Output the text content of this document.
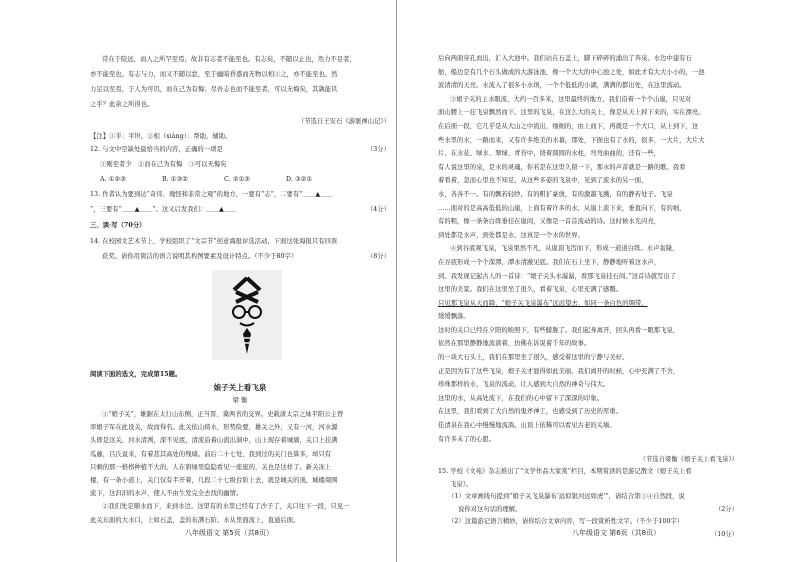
常在于险远，而人之所罕至焉，故非有志者不能至也。有志矣，不随以止也，然力不足者，
亦不能至也。有志与力，而又不随以怠，至于幽暗昏惑而无物以相①之，亦不能至也。然
力足以至焉，于人为可讥，而在己为有悔；尽吾志也而不能至者，可以无悔矣，其孰能讥
之乎？此余之所得也。
（节选自王安石《游褒禅山记》）
【注】①乎：平坦。②相（xiàng）：帮助，辅助。
12. 与文中空缺处最恰当的内容，正确的一项是	（3分）
①刚至者少 ②而在己为有悔 ③可以无悔矣
A. ①②③	B. ①③②	C. ②①③	D. ③②①
13. 作者认为要到达“奇伟、瑰怪和非常之观”的地方，一要有“志”，二要有“＿＿▲＿＿
”，三要有“＿＿▲＿＿”。这又启发我们：＿＿▲＿＿	（4分）
三、读·写（70分）
14. 在校园文艺术节上，学校组织了“文宗节”创意海报评选活动，下面这张海报只有四票
获奖。请你用简洁的语言说明其构图要素及设计特点。（不少于80字）	（8分）
阅读下面的选文，完成第15题。
娘子关上看飞泉
梁 衡
①“娘子关”，雄踞在太行山东侧，正当晋、冀两省的交界。史载唐太宗之妹平阳公主曾
率娘子军在此设关，故而得名。此关依山傍水，形势险要，雄关之外，又有一河，河水源
头即是这关，河水清冽，深不见底，清流沿着山流出洞中，山上现存着城墙，关口上挂满
瓜藤，吕氏说来，有着甚其高处的残墙。前后二十七处，我到过的关门也算多，却只有
只剩的那一格格种植不大的，人在碧绿里隐隐看见一座座的，关也是这样了。新关冻上
楼，有一条小道上，关门仅有半开着，几段二十七级台阶上去，就是城关的顶，城楼周围
流下，这汩汩的水声，使人不由生发完全去找的幽情。
②我们先是顺水而下，来到水边。这里有的水里已经有了沙子了，关口往下一段，只见一
此关东面的大水口，上如石盖，盖的布满石阶。水从里面流上，直通后面。
八年级语文 第5页（共8页）
后向两面穿孔而出，汇入大池中。我们站在石盖上，脚下碎碎的涌出了奔泉。水边中建有石
舫，船边是有几个石头做成的大游泳池，像一个大大的中心池之处，如此才有大大小小的，一池
波清清的天亮。水流入了很多小水坝，一个个低低的小湖，满满的都出处，在这里流动。
③娘子关的主水眼流，大约一百多米，这里最终的地方，我们沿着一个个山崖，只见对
面山腰上一挂飞泉飘然而下。这里的飞泉，在这么大的关上，像是从天上掉下来的，实在漂亮。
在后面一段，它几乎是从大山之中流出，细细的，由上而下，再就是一个大口，从上到下，这
些水里的水，一路而来，又有许多绝美的水幕，那处，下面也有了水的，很多，一大片，大片大
片，在水花、绿水、翠绿、青苔中，绕着圆圆的水柱，弯弯曲曲的，还有一些，
有人说这里的泉，是水的灵魂，你若是在这里久留一下，那水的声音就是一路的歌。我看
着看着，忽而心里也不知足，从这些多姿的飞泉中，见到了流水的另一面，
水，各各不一。有的飘若轻纱，有的粗犷豪放，有的激越飞溅，有的静若处子。飞泉
……面对的是高高低低的山崖，上面有着许多的水，从崖上流下来，垂直向下，有的细，
有的粗，像一条条白练垂挂在崖间，又像是一首首流动的诗。这时候水光闪亮，
到处都是水声，到处都是水，这真是一个水的世界。
④到谷底观飞泉，飞泉果然不凡，从崖顶飞泻而下，形成一道道白练。水声轰隆，
在谷底形成一个个深潭，潭水清澈见底。我们在石上坐下，静静地听着这水声，
到。我发现记起古人的一首诗：“娘子关头水潺潺，看那飞泉挂石间。”这首诗就写出了
这里的美景。我们在这里坐了很久，看着飞泉，心里充满了感慨。
只见那飞泉从天而降，“娘子关飞泉瀑布”远远望去，如同一条白色的绸带，
缓缓飘落。
这时的关口已经在夕阳的映照下，有些朦胧了。我们起身离开，回头再看一眼那飞泉，
依然在那里静静地流淌着，仿佛在诉说着千年的故事。
的一块大石头上，我们在那里坐了很久，感受着这里的宁静与美好。
正是因为有了这些飞泉，娘子关才显得如此美丽。我们离开的时候，心中充满了不舍，
珍珠那样的水，飞泉的流动，让人感到大自然的神奇与伟大。
这里的水，从高处流下，在我们的心中留下了深深的印象。
在这里，我们看到了大自然的鬼斧神工，也感受到了历史的厚重。
佳清泉在我心中慢慢地流淌。山顶上依稀可以看见古老的关墙。
有许多未了的心愿。
（节选自梁衡《娘子关上看飞泉》）
15. 学校《文苑》杂志推出了“文学作品大家赏”栏目，本期赏读的是游记散文《娘子关上看
飞泉》。
（1）文章画线句提到“娘子关飞泉瀑布‘远似银河远如虎’”，请结合第③④自然段，说
说你对这句话的理解。	（2分）
（2）这篇游记语言精妙，请你结合文章内容，写一段赏析性文字。（不少于100字）
（10分）
八年级语文 第6页（共8页）
